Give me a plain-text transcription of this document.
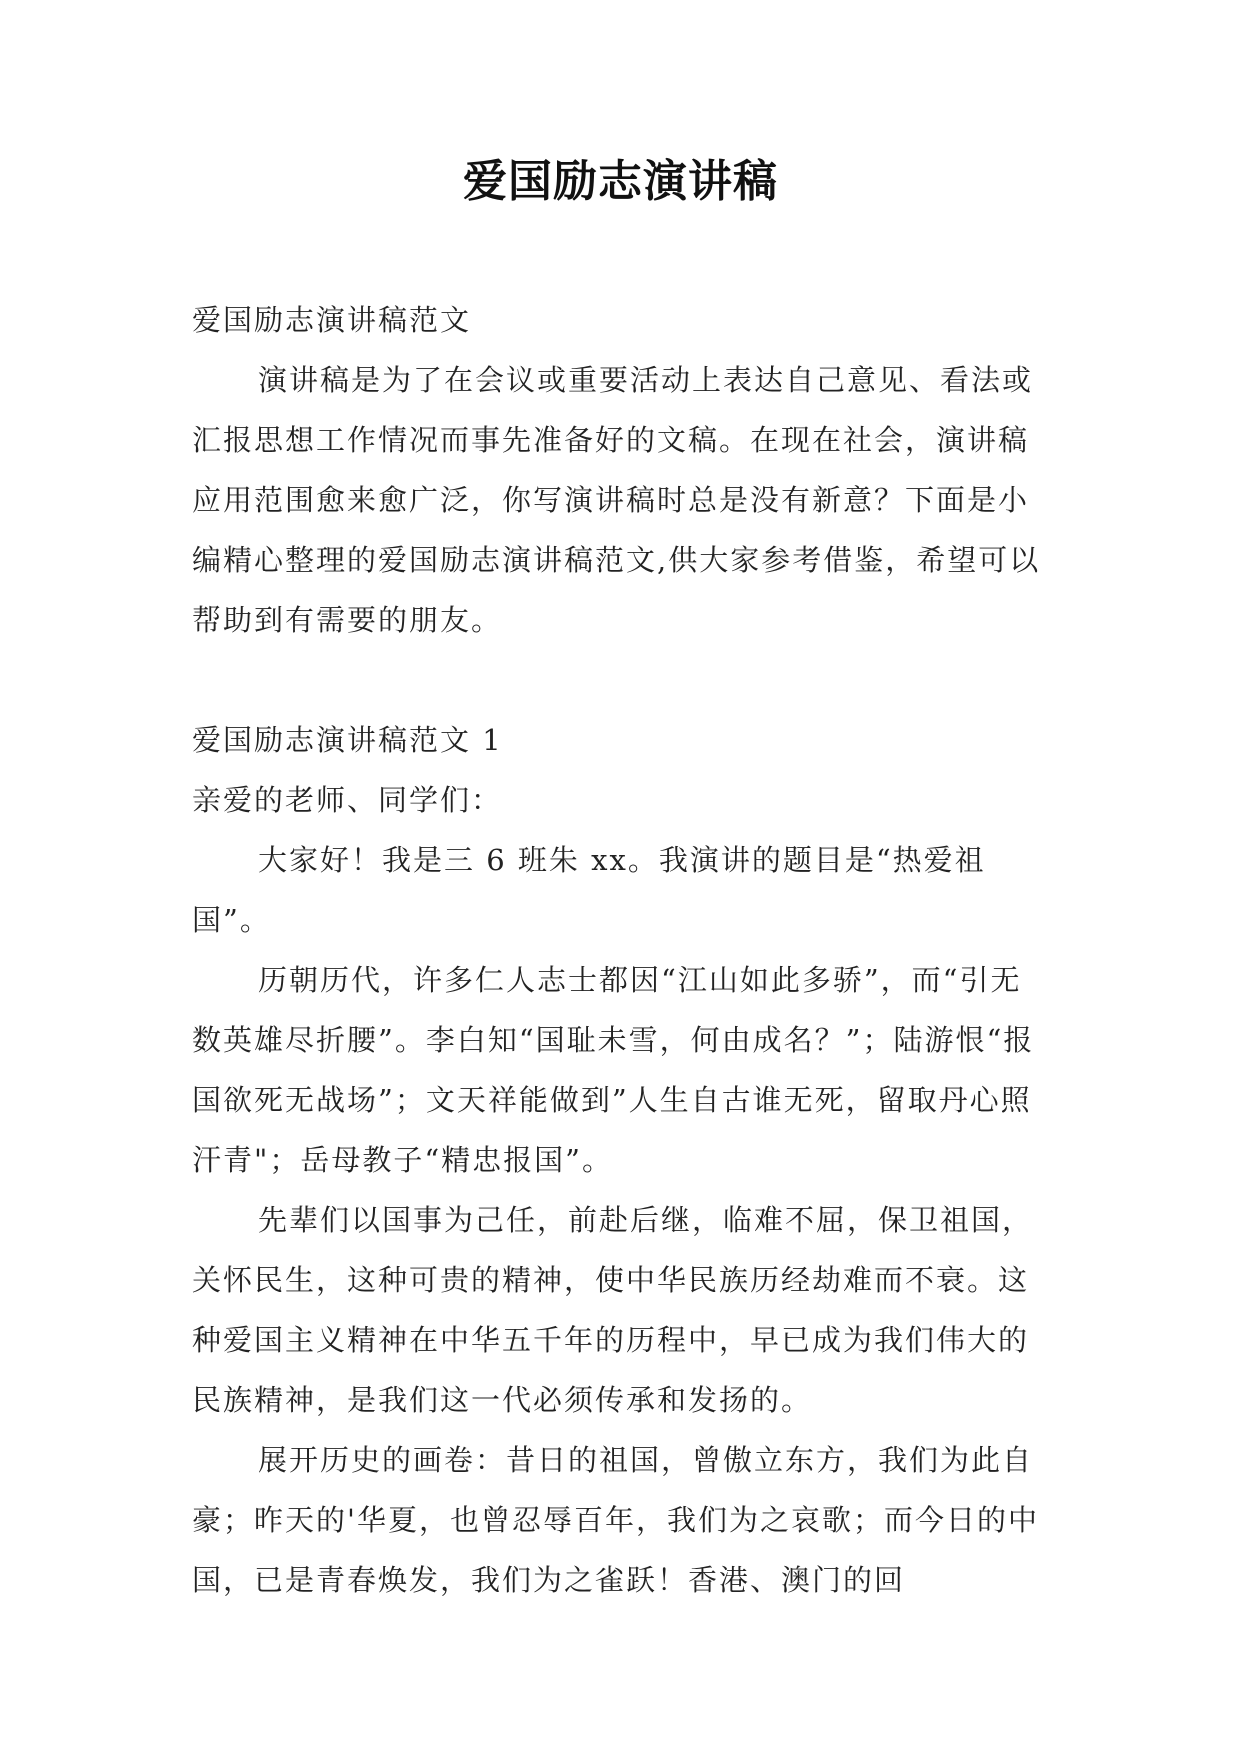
爱国励志演讲稿

爱国励志演讲稿范文

演讲稿是为了在会议或重要活动上表达自己意见、看法或汇报思想工作情况而事先准备好的文稿。在现在社会，演讲稿应用范围愈来愈广泛，你写演讲稿时总是没有新意？下面是小编精心整理的爱国励志演讲稿范文,供大家参考借鉴，希望可以帮助到有需要的朋友。

爱国励志演讲稿范文 1

亲爱的老师、同学们：

大家好！我是三 6 班朱 xx。我演讲的题目是“热爱祖国”。

历朝历代，许多仁人志士都因“江山如此多骄”，而“引无数英雄尽折腰”。李白知“国耻未雪，何由成名？”；陆游恨“报国欲死无战场”；文天祥能做到”人生自古谁无死，留取丹心照汗青"；岳母教子“精忠报国”。

先辈们以国事为己任，前赴后继，临难不屈，保卫祖国，关怀民生，这种可贵的精神，使中华民族历经劫难而不衰。这种爱国主义精神在中华五千年的历程中，早已成为我们伟大的民族精神，是我们这一代必须传承和发扬的。

展开历史的画卷：昔日的祖国，曾傲立东方，我们为此自豪；昨天的'华夏，也曾忍辱百年，我们为之哀歌；而今日的中国，已是青春焕发，我们为之雀跃！香港、澳门的回
